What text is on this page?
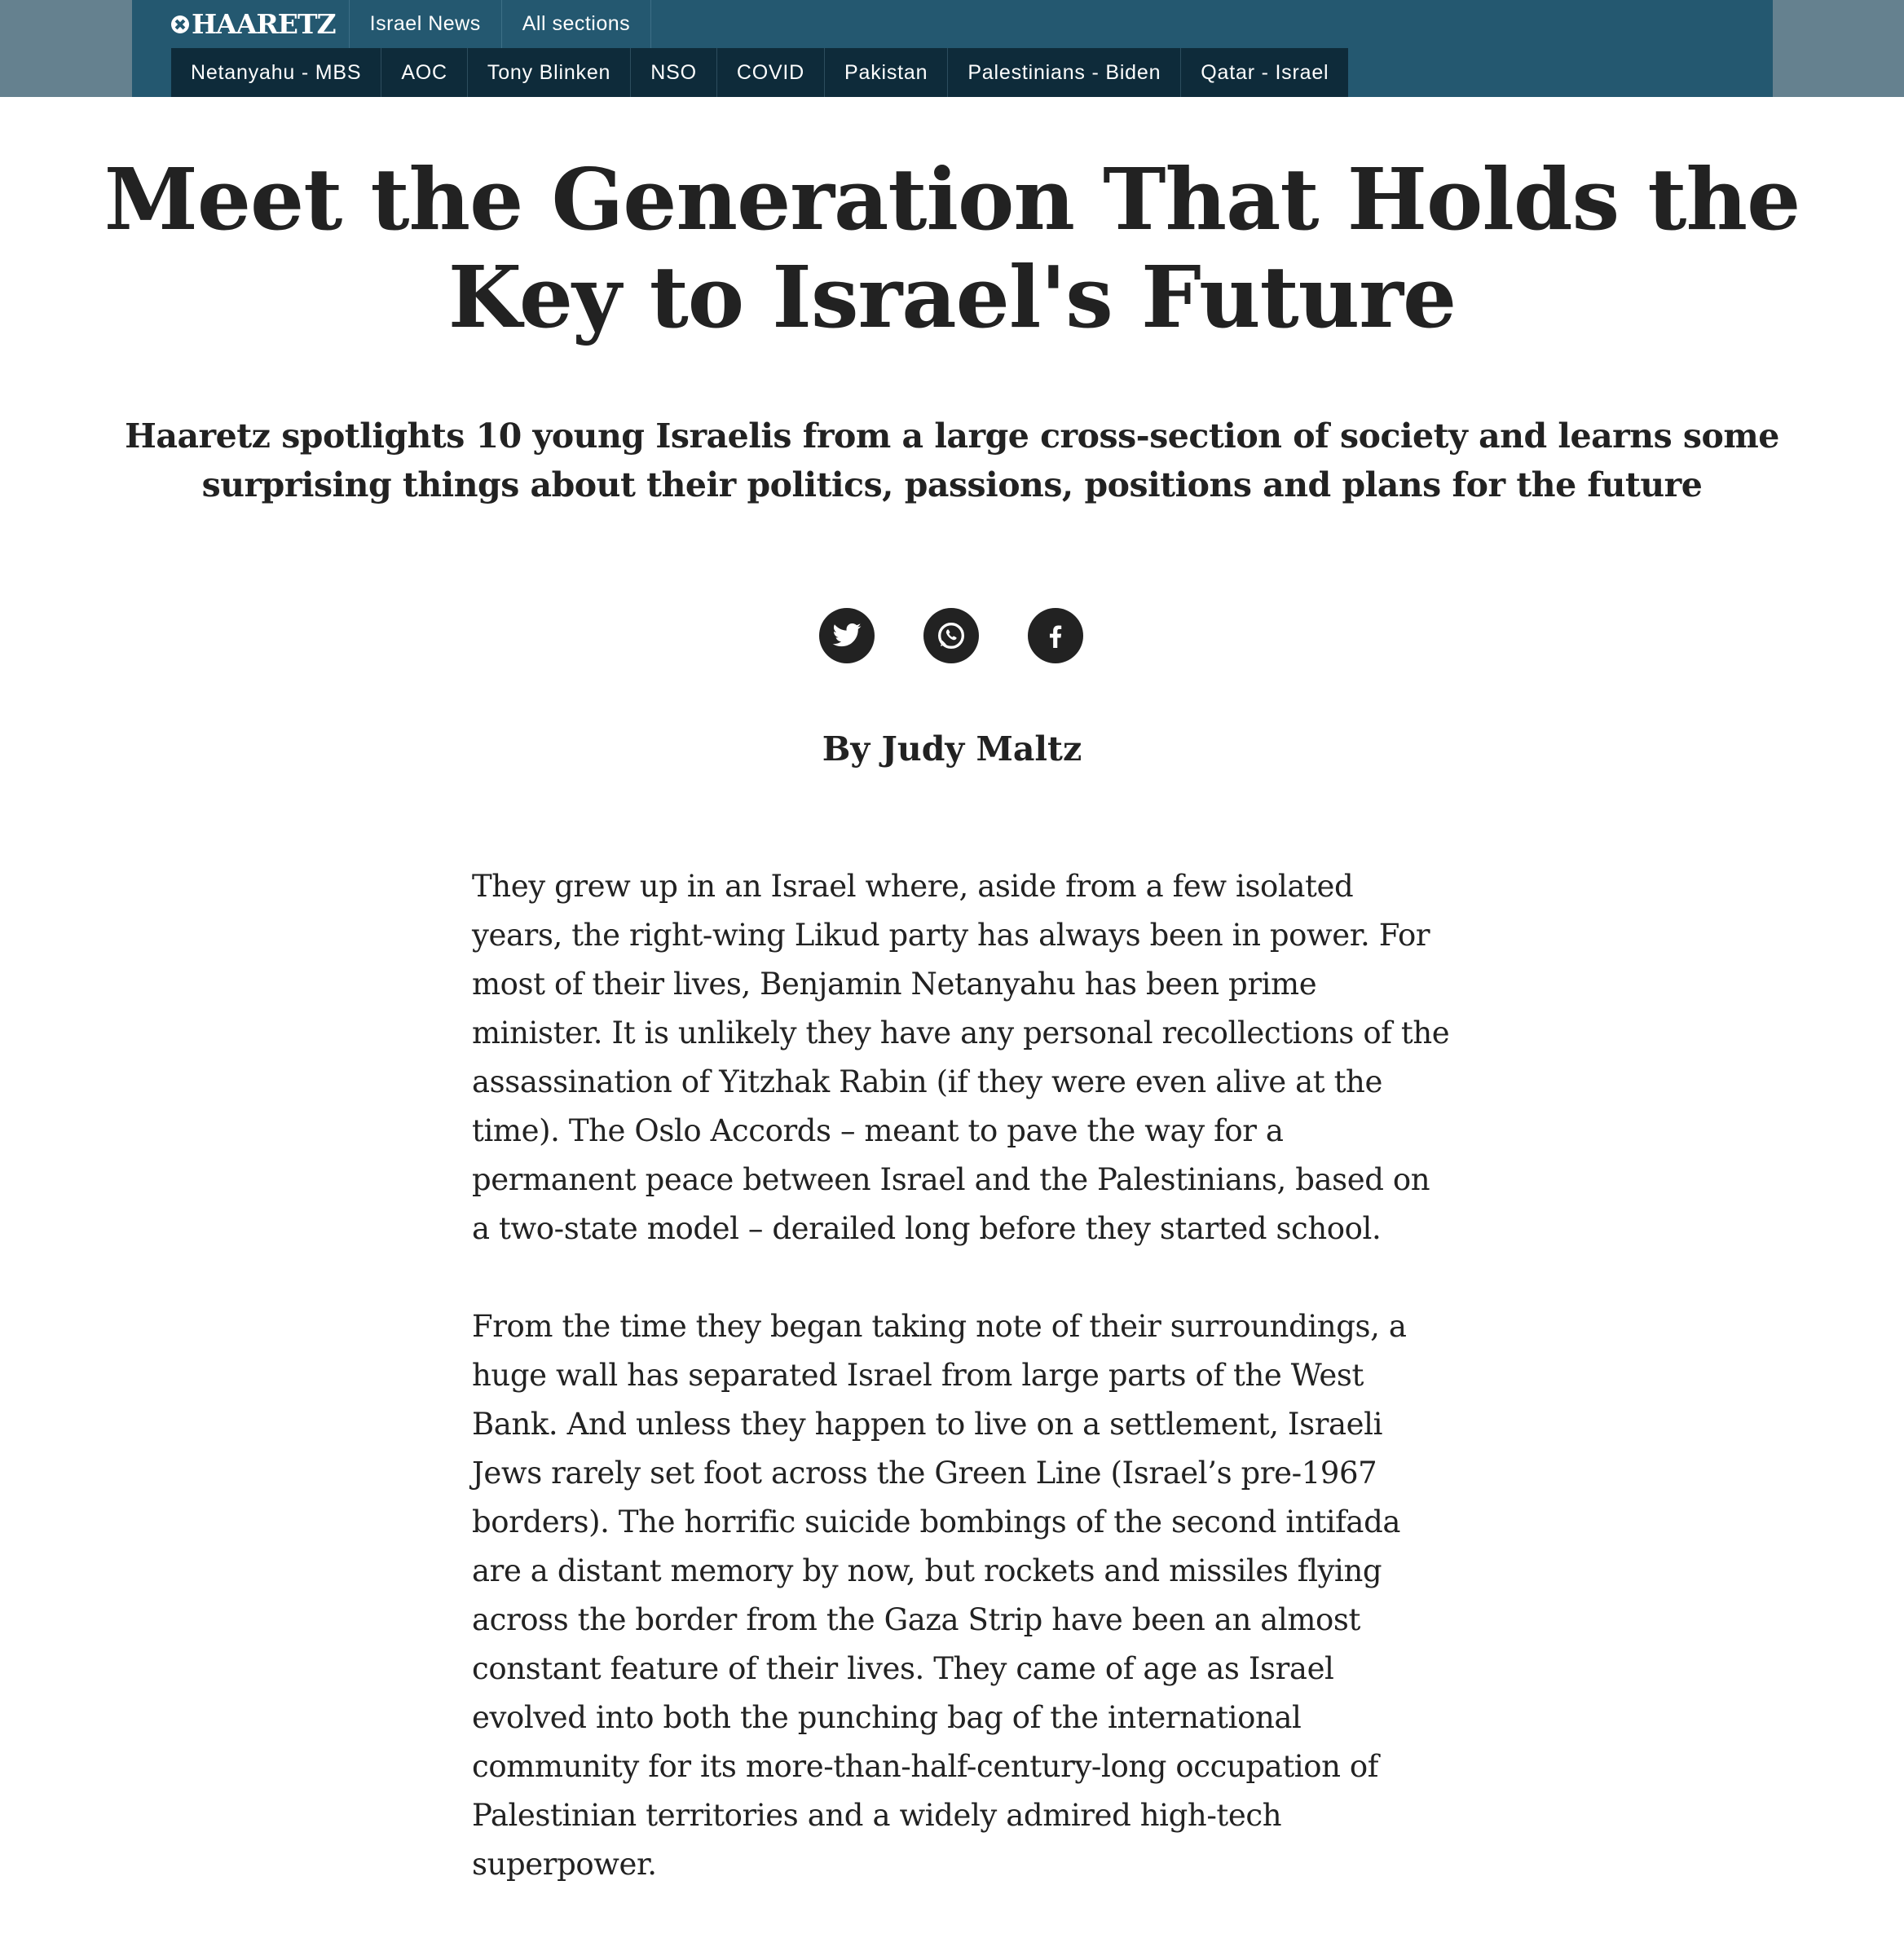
HAARETZ	Israel News	All sections
Netanyahu - MBS	AOC	Tony Blinken	NSO	COVID	Pakistan	Palestinians - Biden	Qatar - Israel
Meet the Generation That Holds the Key to Israel's Future
Haaretz spotlights 10 young Israelis from a large cross-section of society and learns some surprising things about their politics, passions, positions and plans for the future
By Judy Maltz

They grew up in an Israel where, aside from a few isolated years, the right-wing Likud party has always been in power. For most of their lives, Benjamin Netanyahu has been prime minister. It is unlikely they have any personal recollections of the assassination of Yitzhak Rabin (if they were even alive at the time). The Oslo Accords – meant to pave the way for a permanent peace between Israel and the Palestinians, based on a two-state model – derailed long before they started school.

From the time they began taking note of their surroundings, a huge wall has separated Israel from large parts of the West Bank. And unless they happen to live on a settlement, Israeli Jews rarely set foot across the Green Line (Israel’s pre-1967 borders). The horrific suicide bombings of the second intifada are a distant memory by now, but rockets and missiles flying across the border from the Gaza Strip have been an almost constant feature of their lives. They came of age as Israel evolved into both the punching bag of the international community for its more-than-half-century-long occupation of Palestinian territories and a widely admired high-tech superpower.
